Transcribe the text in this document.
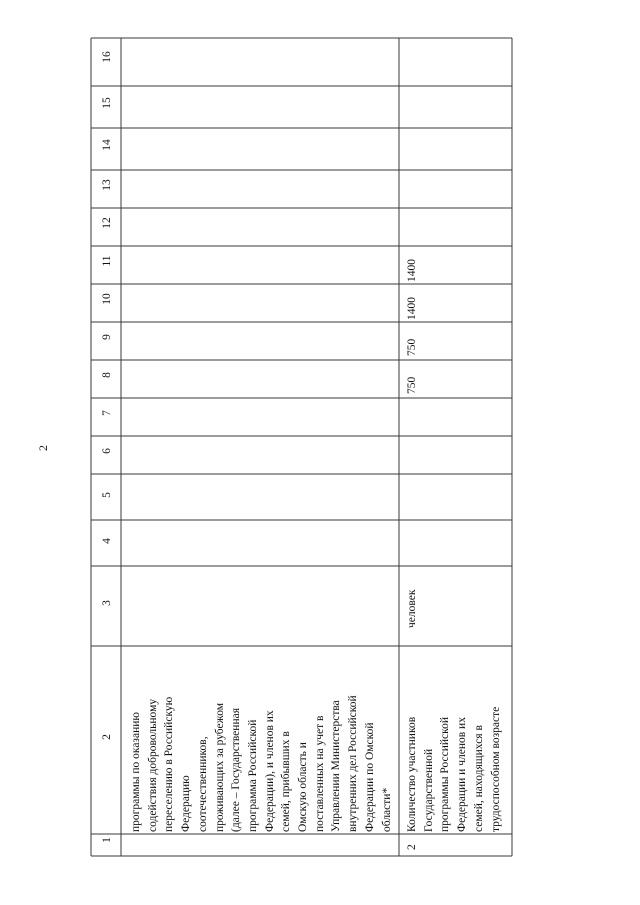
2
16
15
14
13
12
11
10
9
8
7
6
5
4
3
2
1
программы по оказанию
содействия добровольному
переселению в Российскую
Федерацию
соотечественников,
проживающих за рубежом
(далее – Государственная
программа Российской
Федерации), и членов их
семей, прибывших в
Омскую область и
поставленных на учет в
Управлении Министерства
внутренних дел Российской
Федерации по Омской
области*
2
Количество участников
Государственной
программы Российской
Федерации и членов их
семей, находящихся в
трудоспособном возрасте
человек
750
750
1400
1400
